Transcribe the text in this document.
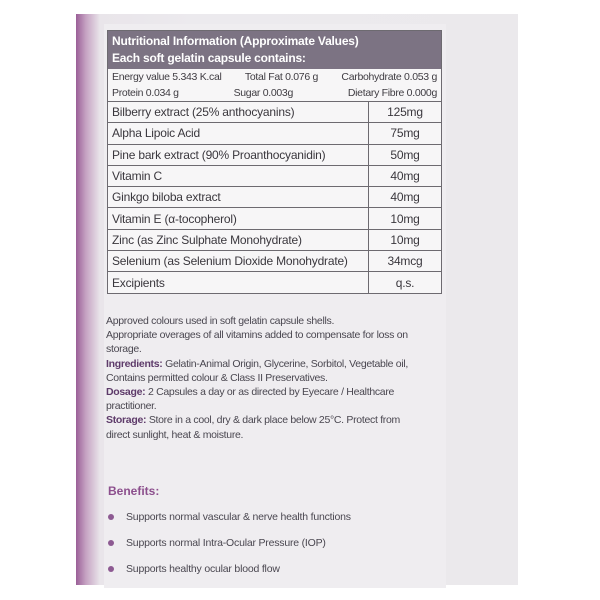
Nutritional Information (Approximate Values)
Each soft gelatin capsule contains:
Energy value 5.343 K.cal Total Fat 0.076 g Carbohydrate 0.053 g
Protein 0.034 g	Sugar 0.003g	Dietary Fibre 0.000g
Bilberry extract (25% anthocyanins)	125mg
Alpha Lipoic Acid	75mg
Pine bark extract (90% Proanthocyanidin)	50mg
Vitamin C	40mg
Ginkgo biloba extract	40mg
Vitamin E (α-tocopherol)	10mg
Zinc (as Zinc Sulphate Monohydrate)	10mg
Selenium (as Selenium Dioxide Monohydrate)	34mcg
Excipients	q.s.

Approved colours used in soft gelatin capsule shells.

Appropriate overages of all vitamins added to compensate for loss on storage.

Ingredients: Gelatin-Animal Origin, Glycerine, Sorbitol, Vegetable oil, Contains permitted colour & Class II Preservatives.

Dosage: 2 Capsules a day or as directed by Eyecare / Healthcare practitioner.

Storage: Store in a cool, dry & dark place below 25°C. Protect from direct sunlight, heat & moisture.

Benefits:
Supports normal vascular & nerve health functions
Supports normal Intra-Ocular Pressure (IOP)
Supports healthy ocular blood flow
